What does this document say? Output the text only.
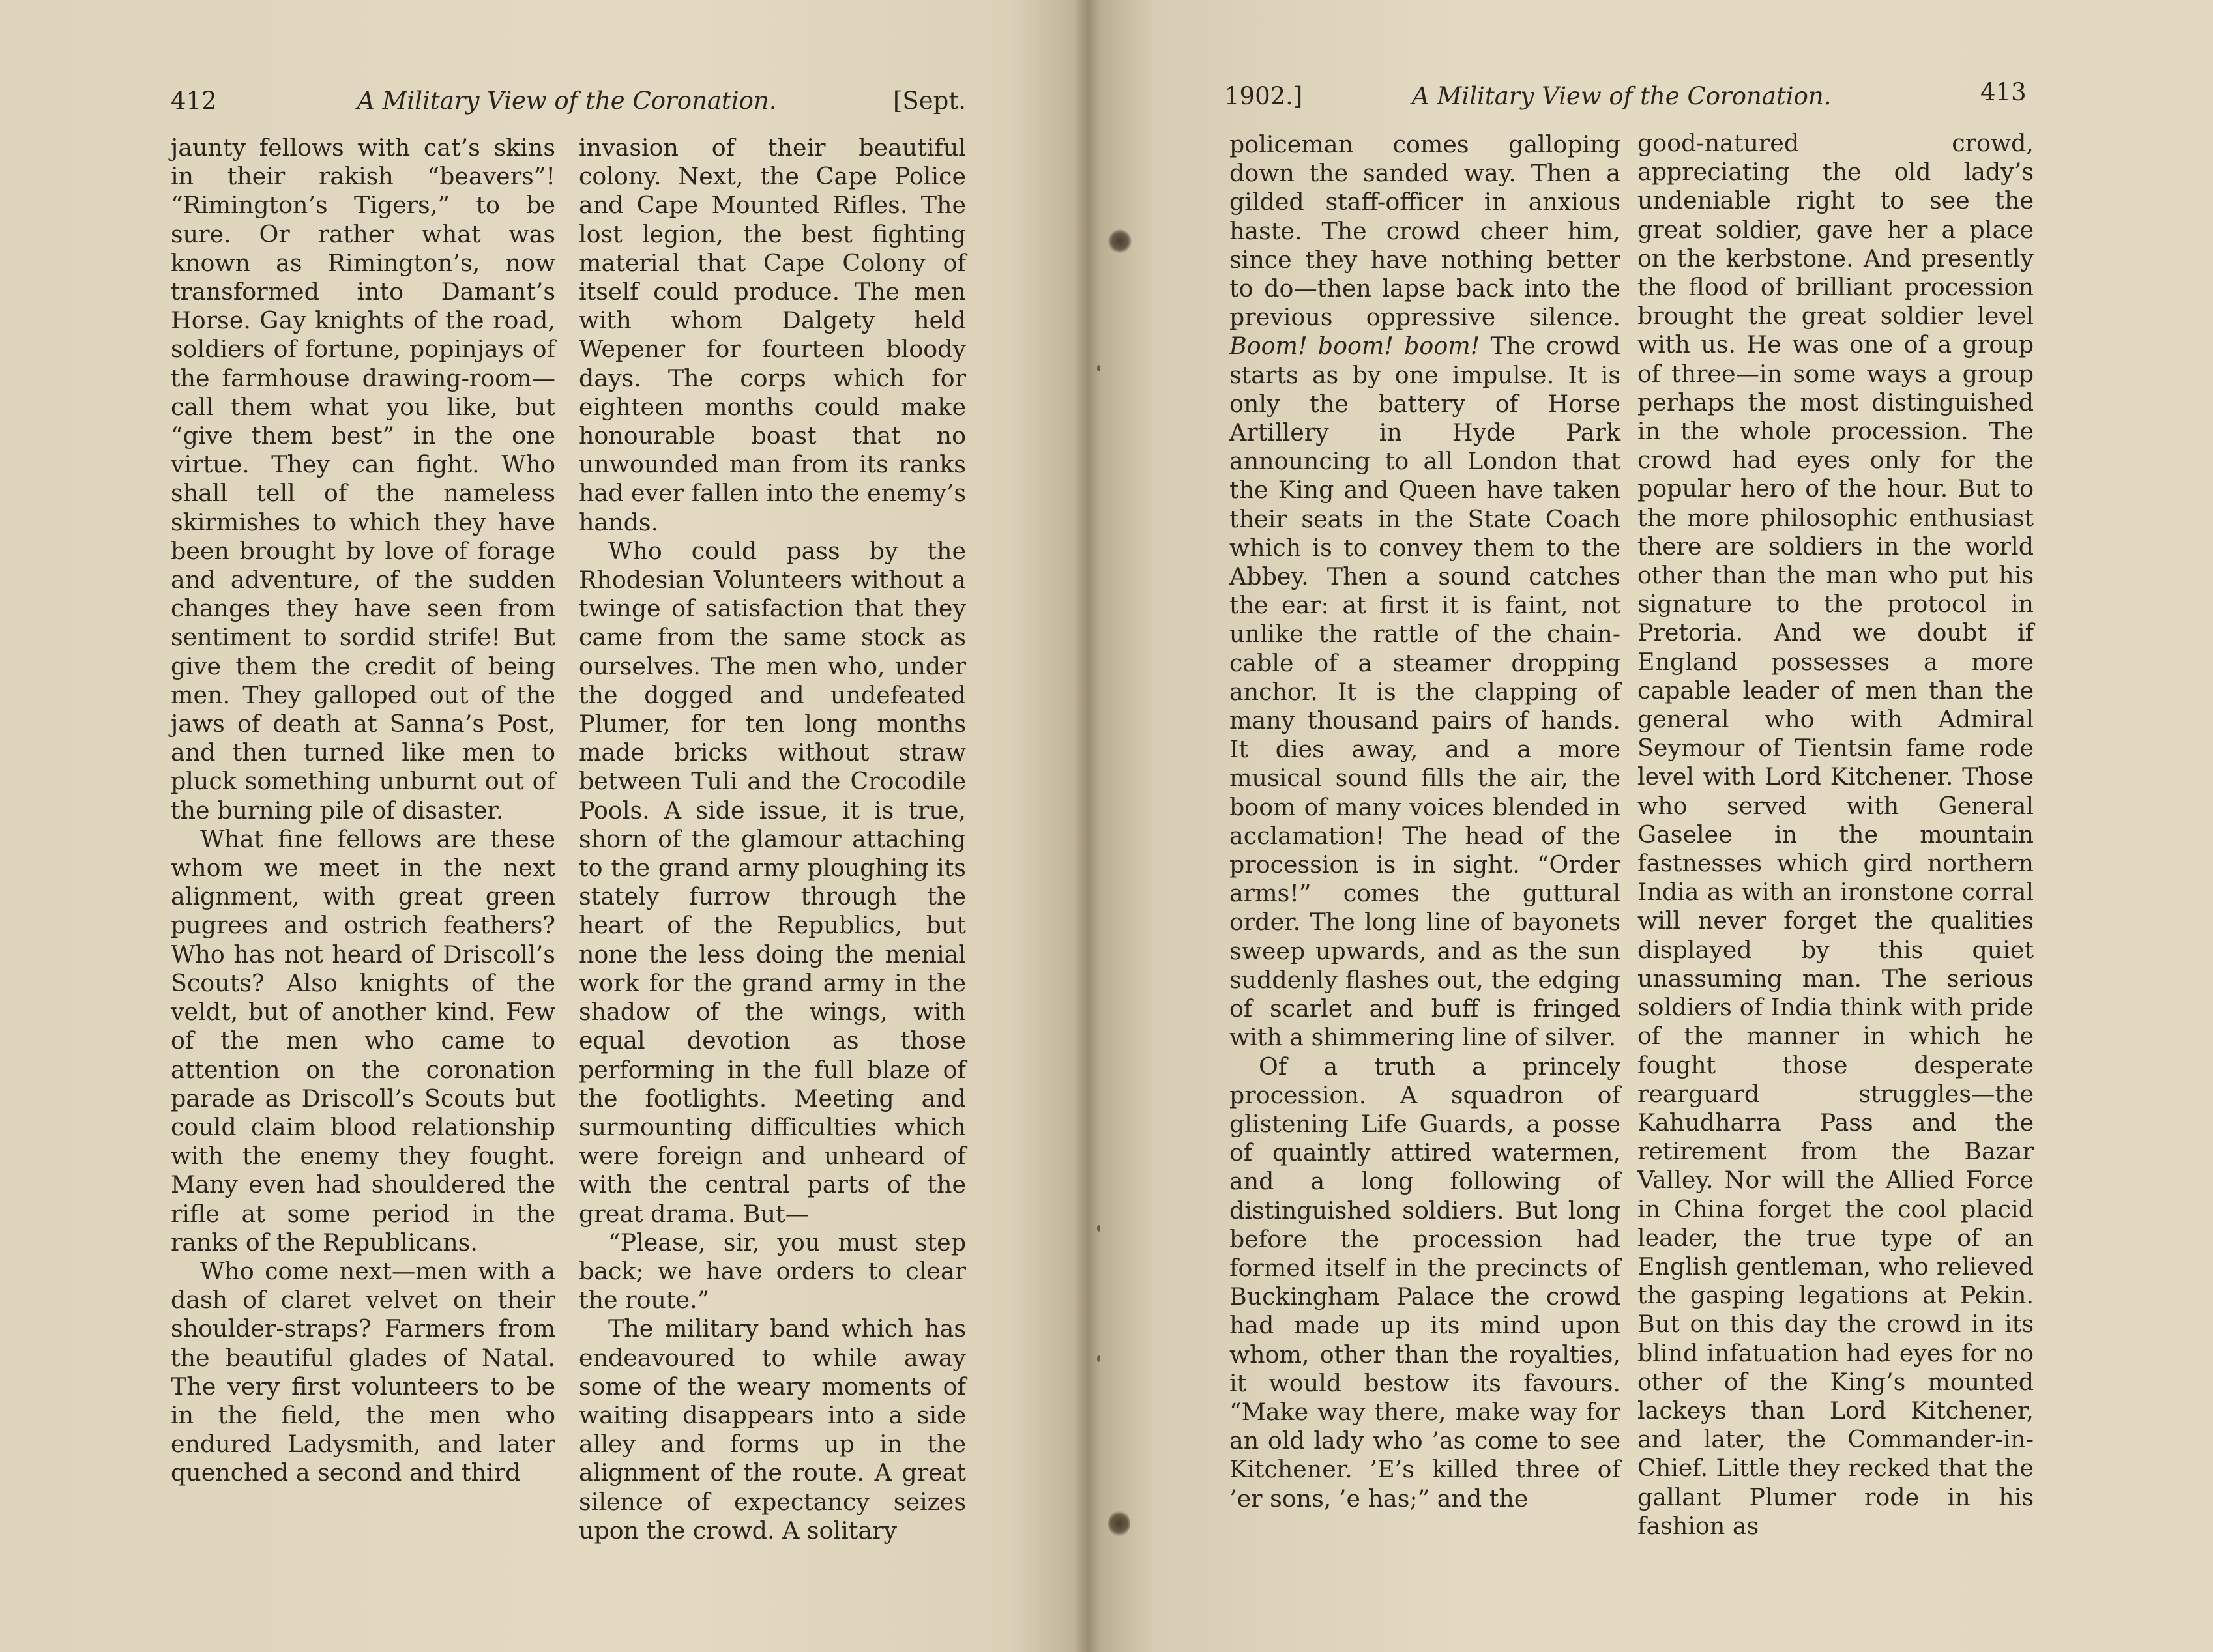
412	A Military View of the Coronation.	[Sept.

jaunty fellows with cat’s skins in their rakish “beavers”! “Rimington’s Tigers,” to be sure. Or rather what was known as Rimington’s, now transformed into Damant’s Horse. Gay knights of the road, soldiers of fortune, popinjays of the farmhouse drawing-room—call them what you like, but “give them best” in the one virtue. They can fight. Who shall tell of the nameless skirmishes to which they have been brought by love of forage and adventure, of the sudden changes they have seen from sentiment to sordid strife! But give them the credit of being men. They galloped out of the jaws of death at Sanna’s Post, and then turned like men to pluck something unburnt out of the burning pile of disaster.

What fine fellows are these whom we meet in the next alignment, with great green pugrees and ostrich feathers? Who has not heard of Driscoll’s Scouts? Also knights of the veldt, but of another kind. Few of the men who came to attention on the coronation parade as Driscoll’s Scouts but could claim blood relationship with the enemy they fought. Many even had shouldered the rifle at some period in the ranks of the Republicans.

Who come next—men with a dash of claret velvet on their shoulder-straps? Farmers from the beautiful glades of Natal. The very first volunteers to be in the field, the men who endured Ladysmith, and later quenched a second and third

invasion of their beautiful colony. Next, the Cape Police and Cape Mounted Rifles. The lost legion, the best fighting material that Cape Colony of itself could produce. The men with whom Dalgety held Wepener for fourteen bloody days. The corps which for eighteen months could make honourable boast that no unwounded man from its ranks had ever fallen into the enemy’s hands.

Who could pass by the Rhodesian Volunteers without a twinge of satisfaction that they came from the same stock as ourselves. The men who, under the dogged and undefeated Plumer, for ten long months made bricks without straw between Tuli and the Crocodile Pools. A side issue, it is true, shorn of the glamour attaching to the grand army ploughing its stately furrow through the heart of the Republics, but none the less doing the menial work for the grand army in the shadow of the wings, with equal devotion as those performing in the full blaze of the footlights. Meeting and surmounting difficulties which were foreign and unheard of with the central parts of the great drama. But—

“Please, sir, you must step back; we have orders to clear the route.”

The military band which has endeavoured to while away some of the weary moments of waiting disappears into a side alley and forms up in the alignment of the route. A great silence of expectancy seizes upon the crowd. A solitary

1902.]	A Military View of the Coronation.	413

policeman comes galloping down the sanded way. Then a gilded staff-officer in anxious haste. The crowd cheer him, since they have nothing better to do—then lapse back into the previous oppressive silence. Boom! boom! boom! The crowd starts as by one impulse. It is only the battery of Horse Artillery in Hyde Park announcing to all London that the King and Queen have taken their seats in the State Coach which is to convey them to the Abbey. Then a sound catches the ear: at first it is faint, not unlike the rattle of the chain-cable of a steamer dropping anchor. It is the clapping of many thousand pairs of hands. It dies away, and a more musical sound fills the air, the boom of many voices blended in acclamation! The head of the procession is in sight. “Order arms!” comes the guttural order. The long line of bayonets sweep upwards, and as the sun suddenly flashes out, the edging of scarlet and buff is fringed with a shimmering line of silver.

Of a truth a princely procession. A squadron of glistening Life Guards, a posse of quaintly attired watermen, and a long following of distinguished soldiers. But long before the procession had formed itself in the precincts of Buckingham Palace the crowd had made up its mind upon whom, other than the royalties, it would bestow its favours. “Make way there, make way for an old lady who ’as come to see Kitchener. ’E’s killed three of ’er sons, ’e has;” and the

good-natured crowd, appreciating the old lady’s undeniable right to see the great soldier, gave her a place on the kerbstone. And presently the flood of brilliant procession brought the great soldier level with us. He was one of a group of three—in some ways a group perhaps the most distinguished in the whole procession. The crowd had eyes only for the popular hero of the hour. But to the more philosophic enthusiast there are soldiers in the world other than the man who put his signature to the protocol in Pretoria. And we doubt if England possesses a more capable leader of men than the general who with Admiral Seymour of Tientsin fame rode level with Lord Kitchener. Those who served with General Gaselee in the mountain fastnesses which gird northern India as with an ironstone corral will never forget the qualities displayed by this quiet unassuming man. The serious soldiers of India think with pride of the manner in which he fought those desperate rearguard struggles—the Kahudharra Pass and the retirement from the Bazar Valley. Nor will the Allied Force in China forget the cool placid leader, the true type of an English gentleman, who relieved the gasping legations at Pekin. But on this day the crowd in its blind infatuation had eyes for no other of the King’s mounted lackeys than Lord Kitchener, and later, the Commander-in-Chief. Little they recked that the gallant Plumer rode in his fashion as
